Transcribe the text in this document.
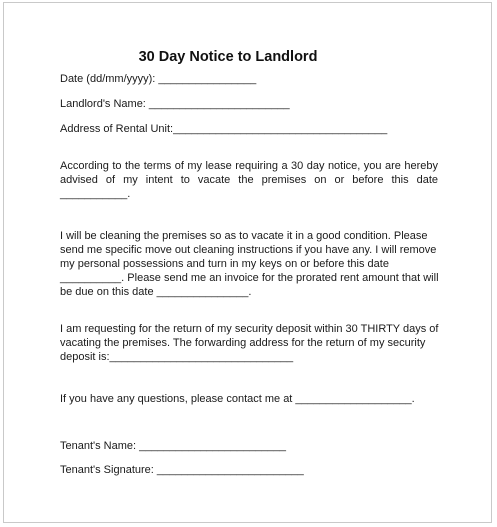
30 Day Notice to Landlord
Date (dd/mm/yyyy): ________________
Landlord's Name: _______________________
Address of Rental Unit:___________________________________
According to the terms of my lease requiring a 30 day notice, you are hereby
advised of my intent to vacate the premises on or before this date
___________.
I will be cleaning the premises so as to vacate it in a good condition. Please
send me specific move out cleaning instructions if you have any. I will remove
my personal possessions and turn in my keys on or before this date
__________. Please send me an invoice for the prorated rent amount that will
be due on this date _______________.
I am requesting for the return of my security deposit within 30 THIRTY days of
vacating the premises. The forwarding address for the return of my security
deposit is:______________________________
If you have any questions, please contact me at ___________________.
Tenant's Name: ________________________
Tenant's Signature: ________________________
